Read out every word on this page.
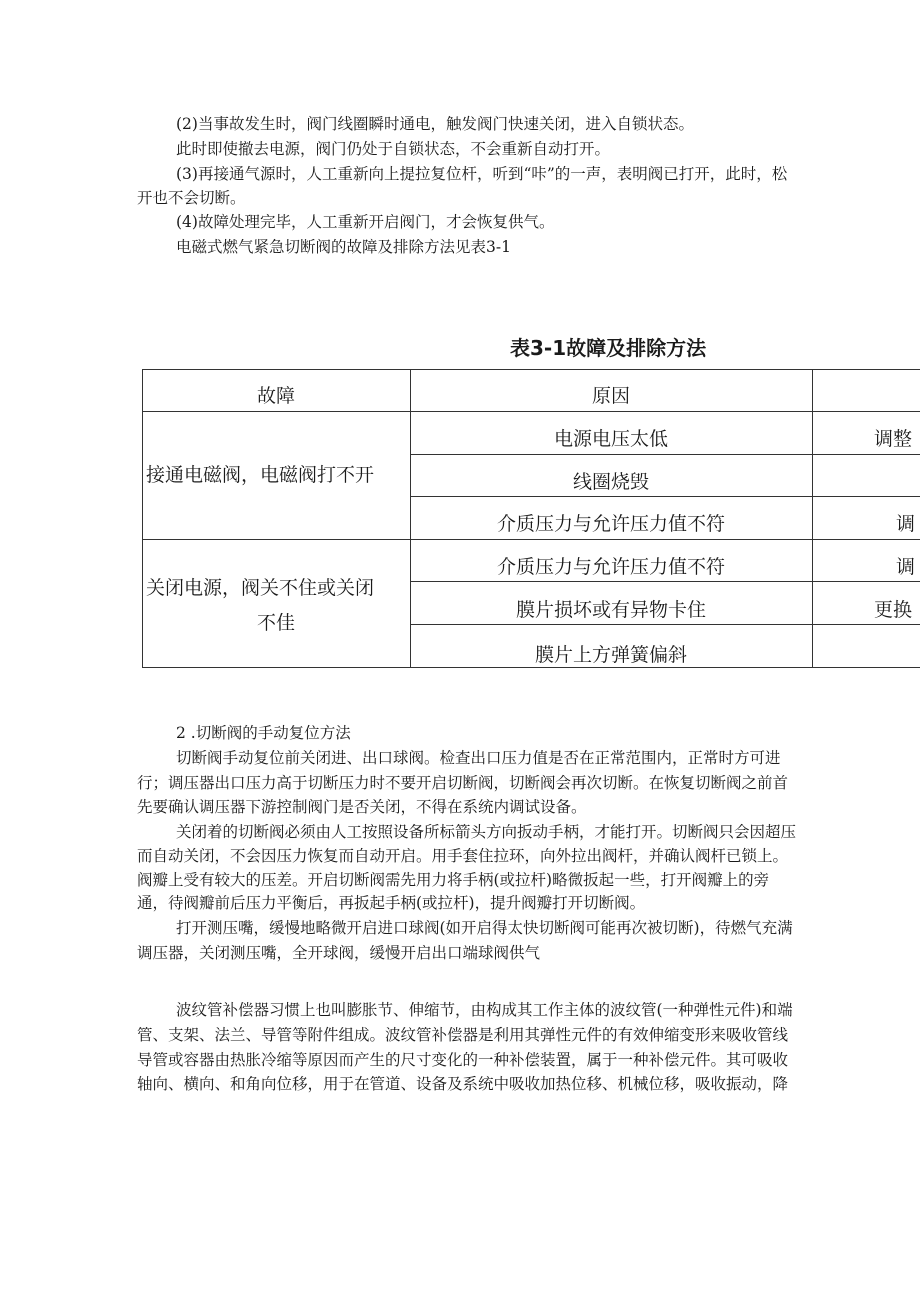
(2)当事故发生时，阀门线圈瞬时通电，触发阀门快速关闭，进入自锁状态。
此时即使撤去电源，阀门仍处于自锁状态，不会重新自动打开。
(3)再接通气源时，人工重新向上提拉复位杆，听到“咔”的一声，表明阀已打开，此时，松
开也不会切断。
(4)故障处理完毕，人工重新开启阀门，才会恢复供气。
电磁式燃气紧急切断阀的故障及排除方法见表3-1
表3-1故障及排除方法
故障	原因
接通电磁阀，电磁阀打不开
电源电压太低	调整
线圈烧毁
介质压力与允许压力值不符	调
关闭电源，阀关不住或关闭
不佳
介质压力与允许压力值不符	调
膜片损坏或有异物卡住	更换
膜片上方弹簧偏斜
2 .切断阀的手动复位方法
切断阀手动复位前关闭进、出口球阀。检查出口压力值是否在正常范围内，正常时方可进
行；调压器出口压力高于切断压力时不要开启切断阀，切断阀会再次切断。在恢复切断阀之前首
先要确认调压器下游控制阀门是否关闭，不得在系统内调试设备。
关闭着的切断阀必须由人工按照设备所标箭头方向扳动手柄，才能打开。切断阀只会因超压
而自动关闭，不会因压力恢复而自动开启。用手套住拉环，向外拉出阀杆，并确认阀杆已锁上。
阀瓣上受有较大的压差。开启切断阀需先用力将手柄(或拉杆)略微扳起一些，打开阀瓣上的旁
通，待阀瓣前后压力平衡后，再扳起手柄(或拉杆)，提升阀瓣打开切断阀。
打开测压嘴，缓慢地略微开启进口球阀(如开启得太快切断阀可能再次被切断)，待燃气充满
调压器，关闭测压嘴，全开球阀，缓慢开启出口端球阀供气
波纹管补偿器习惯上也叫膨胀节、伸缩节，由构成其工作主体的波纹管(一种弹性元件)和端
管、支架、法兰、导管等附件组成。波纹管补偿器是利用其弹性元件的有效伸缩变形来吸收管线
导管或容器由热胀冷缩等原因而产生的尺寸变化的一种补偿装置，属于一种补偿元件。其可吸收
轴向、横向、和角向位移，用于在管道、设备及系统中吸收加热位移、机械位移，吸收振动，降
